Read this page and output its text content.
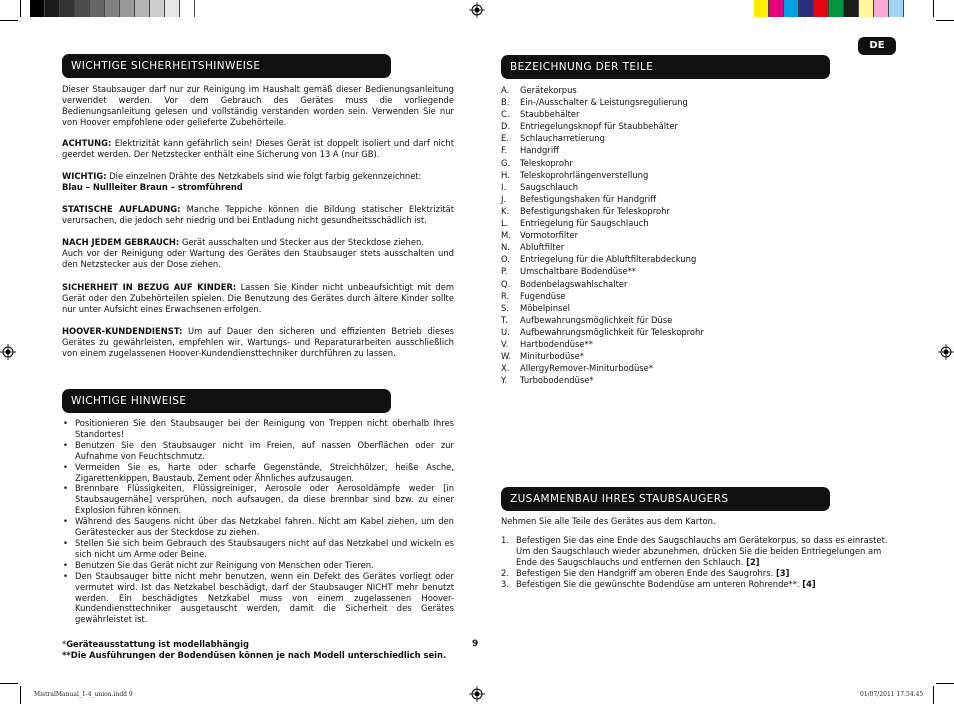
WICHTIGE SICHERHEITSHINWEISE

Dieser Staubsauger darf nur zur Reinigung im Haushalt gemäß dieser Bedienungsanleitung verwendet werden. Vor dem Gebrauch des Gerätes muss die vorliegende Bedienungsanleitung gelesen und vollständig verstanden worden sein. Verwenden Sie nur von Hoover empfohlene oder gelieferte Zubehörteile.

ACHTUNG: Elektrizität kann gefährlich sein! Dieses Gerät ist doppelt isoliert und darf nicht geerdet werden. Der Netzstecker enthält eine Sicherung von 13 A (nur GB).

WICHTIG: Die einzelnen Drähte des Netzkabels sind wie folgt farbig gekennzeichnet:
Blau – Nullleiter Braun – stromführend

STATISCHE AUFLADUNG: Manche Teppiche können die Bildung statischer Elektrizität verursachen, die jedoch sehr niedrig und bei Entladung nicht gesundheitsschädlich ist.

NACH JEDEM GEBRAUCH: Gerät ausschalten und Stecker aus der Steckdose ziehen.
Auch vor der Reinigung oder Wartung des Gerätes den Staubsauger stets ausschalten und den Netzstecker aus der Dose ziehen.

SICHERHEIT IN BEZUG AUF KINDER: Lassen Sie Kinder nicht unbeaufsichtigt mit dem Gerät oder den Zubehörteilen spielen. Die Benutzung des Gerätes durch ältere Kinder sollte nur unter Aufsicht eines Erwachsenen erfolgen.

HOOVER-KUNDENDIENST: Um auf Dauer den sicheren und effizienten Betrieb dieses Gerätes zu gewährleisten, empfehlen wir, Wartungs- und Reparaturarbeiten ausschließlich von einem zugelassenen Hoover-Kundendiensttechniker durchführen zu lassen.

WICHTIGE HINWEISE
• Positionieren Sie den Staubsauger bei der Reinigung von Treppen nicht oberhalb Ihres Standortes!
• Benutzen Sie den Staubsauger nicht im Freien, auf nassen Oberflächen oder zur Aufnahme von Feuchtschmutz.
• Vermeiden Sie es, harte oder scharfe Gegenstände, Streichhölzer, heiße Asche, Zigarettenkippen, Baustaub, Zement oder Ähnliches aufzusaugen.
• Brennbare Flüssigkeiten, Flüssigreiniger, Aerosole oder Aerosoldämpfe weder [in Staubsaugernähe] versprühen, noch aufsaugen, da diese brennbar sind bzw. zu einer Explosion führen können.
• Während des Saugens nicht über das Netzkabel fahren. Nicht am Kabel ziehen, um den Gerätestecker aus der Steckdose zu ziehen.
• Stellen Sie sich beim Gebrauch des Staubsaugers nicht auf das Netzkabel und wickeln es sich nicht um Arme oder Beine.
• Benutzen Sie das Gerät nicht zur Reinigung von Menschen oder Tieren.
• Den Staubsauger bitte nicht mehr benutzen, wenn ein Defekt des Gerätes vorliegt oder vermutet wird. Ist das Netzkabel beschädigt, darf der Staubsauger NICHT mehr benutzt werden. Ein beschädigtes Netzkabel muss von einem zugelassenen Hoover-Kundendiensttechniker ausgetauscht werden, damit die Sicherheit des Gerätes gewährleistet ist.

*Geräteausstattung ist modellabhängig

**Die Ausführungen der Bodendüsen können je nach Modell unterschiedlich sein.

9
DE
BEZEICHNUNG DER TEILE
A.	Gerätekorpus
B.	Ein-/Ausschalter & Leistungsregulierung
C.	Staubbehälter
D.	Entriegelungsknopf für Staubbehälter
E.	Schlaucharretierung
F.	Handgriff
G.	Teleskoprohr
H.	Teleskoprohrlängenverstellung
I.	Saugschlauch
J.	Befestigungshaken für Handgriff
K.	Befestigungshaken für Teleskoprohr
L.	Entriegelung für Saugschlauch
M.	Vormotorfilter
N.	Abluftfilter
O.	Entriegelung für die Abluftfilterabdeckung
P.	Umschaltbare Bodendüse**
Q.	Bodenbelagswahlschalter
R.	Fugendüse
S.	Möbelpinsel
T.	Aufbewahrungsmöglichkeit für Düse
U.	Aufbewahrungsmöglichkeit für Teleskoprohr
V.	Hartbodendüse**
W.	Miniturbodüse*
X.	AllergyRemover-Miniturbodüse*
Y.	Turbobodendüse*
ZUSAMMENBAU IHRES STAUBSAUGERS

Nehmen Sie alle Teile des Gerätes aus dem Karton.

1. Befestigen Sie das eine Ende des Saugschlauchs am Gerätekorpus, so dass es einrastet. Um den Saugschlauch wieder abzunehmen, drücken Sie die beiden Entriegelungen am Ende des Saugschlauchs und entfernen den Schlauch. [2]
2. Befestigen Sie den Handgriff am oberen Ende des Saugrohrs. [3]
3. Befestigen Sie die gewünschte Bodendüse am unteren Rohrende**. [4]
MistralManual_1-4_union.indd 9	01/07/2011 17.54.45
